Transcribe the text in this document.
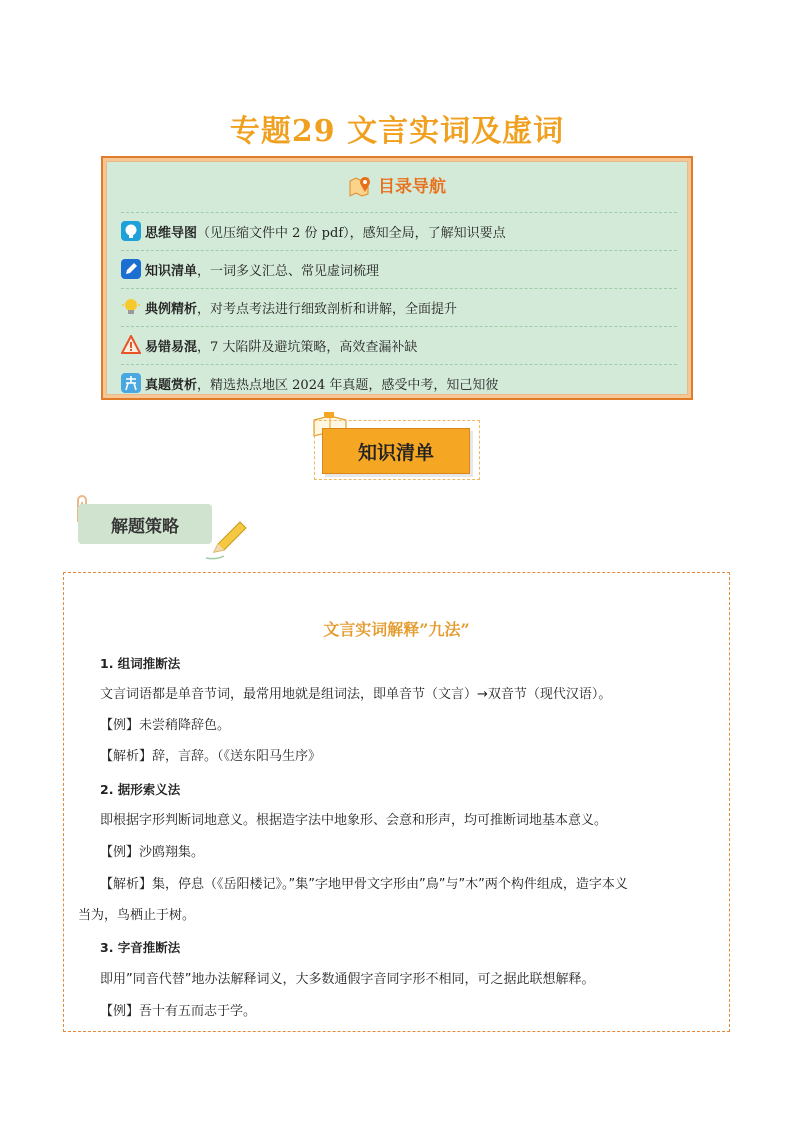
专题29 文言实词及虚词
目录导航
思维导图 （见压缩文件中 2 份 pdf），感知全局，了解知识要点
知识清单 ，一词多义汇总、常见虚词梳理
典例精析 ，对考点考法进行细致剖析和讲解，全面提升
易错易混 ，7 大陷阱及避坑策略，高效查漏补缺
真题赏析 ，精选热点地区 2024 年真题，感受中考，知己知彼
知识清单
解题策略
文言实词解释”九法”
1. 组词推断法
文言词语都是单音节词，最常用地就是组词法，即单音节（文言）→双音节（现代汉语）。
【例】未尝稍降辞色。
【解析】辞，言辞。（《送东阳马生序》
2. 据形索义法
即根据字形判断词地意义。根据造字法中地象形、会意和形声，均可推断词地基本意义。
【例】沙鸥翔集。
【解析】集，停息（《岳阳楼记》。”集”字地甲骨文字形由”鳥”与”木”两个构件组成，造字本义
当为，鸟栖止于树。
3. 字音推断法
即用”同音代替”地办法解释词义，大多数通假字音同字形不相同，可之据此联想解释。
【例】吾十有五而志于学。
